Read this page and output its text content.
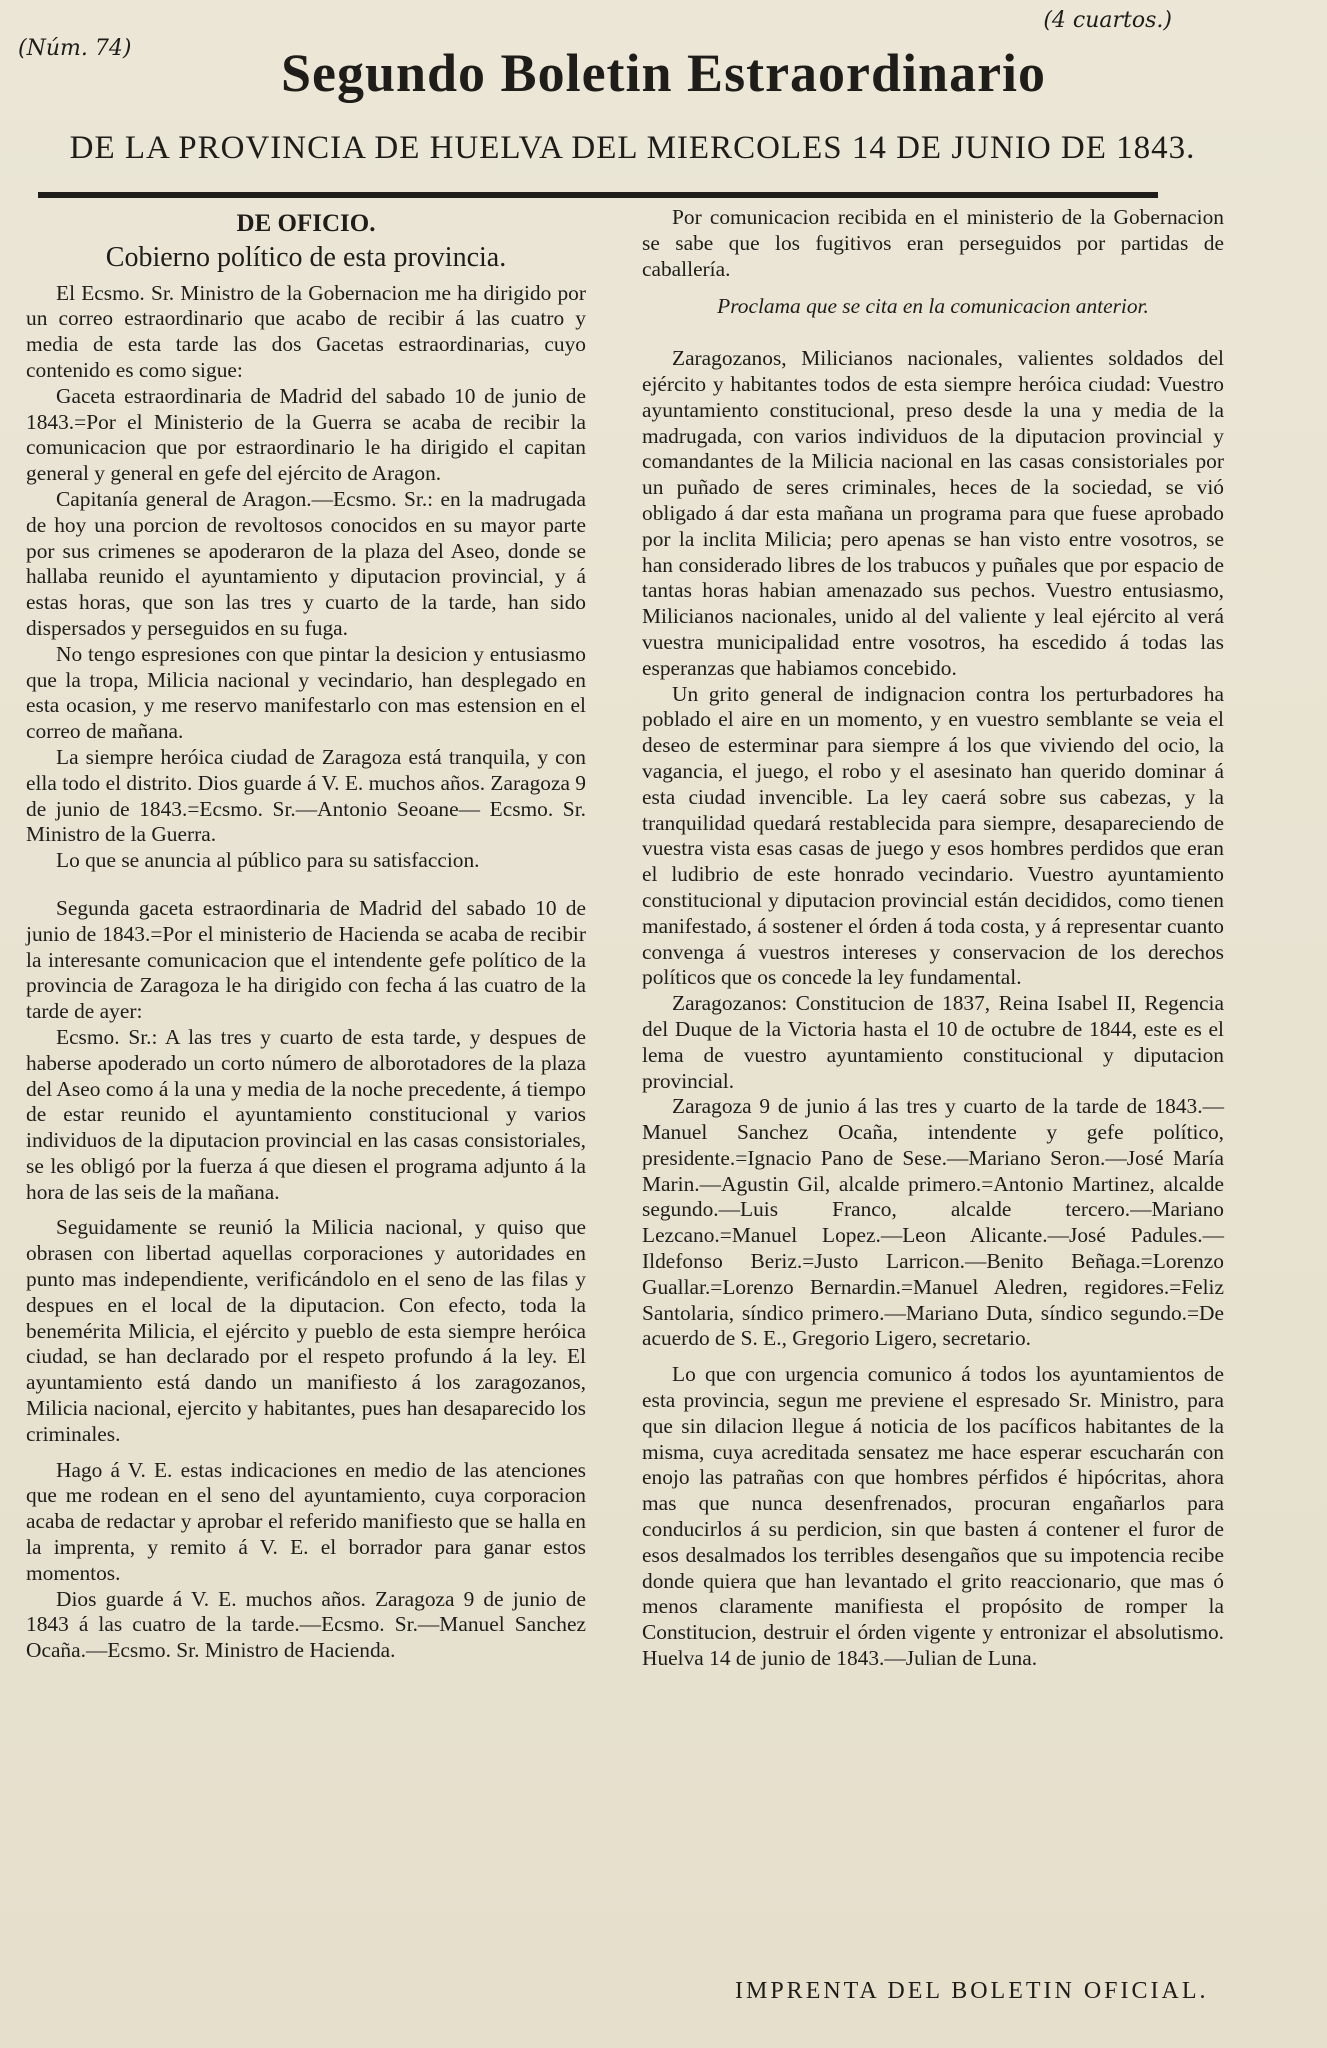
(Núm. 74)
(4 cuartos.)
Segundo Boletin Estraordinario
DE LA PROVINCIA DE HUELVA DEL MIERCOLES 14 DE JUNIO DE 1843.

DE OFICIO.

Cobierno político de esta provincia.

El Ecsmo. Sr. Ministro de la Gobernacion me ha dirigido por un correo estraordinario que acabo de recibir á las cuatro y media de esta tarde las dos Gacetas estraordinarias, cuyo contenido es como sigue:

Gaceta estraordinaria de Madrid del sabado 10 de junio de 1843.=Por el Ministerio de la Guerra se acaba de recibir la comunicacion que por estraordinario le ha dirigido el capitan general y general en gefe del ejército de Aragon.

Capitanía general de Aragon.—Ecsmo. Sr.: en la madrugada de hoy una porcion de revoltosos conocidos en su mayor parte por sus crimenes se apoderaron de la plaza del Aseo, donde se hallaba reunido el ayuntamiento y diputacion provincial, y á estas horas, que son las tres y cuarto de la tarde, han sido dispersados y perseguidos en su fuga.

No tengo espresiones con que pintar la desicion y entusiasmo que la tropa, Milicia nacional y vecindario, han desplegado en esta ocasion, y me reservo manifestarlo con mas estension en el correo de mañana.

La siempre heróica ciudad de Zaragoza está tranquila, y con ella todo el distrito. Dios guarde á V. E. muchos años. Zaragoza 9 de junio de 1843.=Ecsmo. Sr.—Antonio Seoane— Ecsmo. Sr. Ministro de la Guerra.

Lo que se anuncia al público para su satisfaccion.

Segunda gaceta estraordinaria de Madrid del sabado 10 de junio de 1843.=Por el ministerio de Hacienda se acaba de recibir la interesante comunicacion que el intendente gefe político de la provincia de Zaragoza le ha dirigido con fecha á las cuatro de la tarde de ayer:

Ecsmo. Sr.: A las tres y cuarto de esta tarde, y despues de haberse apoderado un corto número de alborotadores de la plaza del Aseo como á la una y media de la noche precedente, á tiempo de estar reunido el ayuntamiento constitucional y varios individuos de la diputacion provincial en las casas consistoriales, se les obligó por la fuerza á que diesen el programa adjunto á la hora de las seis de la mañana.

Seguidamente se reunió la Milicia nacional, y quiso que obrasen con libertad aquellas corporaciones y autoridades en punto mas independiente, verificándolo en el seno de las filas y despues en el local de la diputacion. Con efecto, toda la benemérita Milicia, el ejército y pueblo de esta siempre heróica ciudad, se han declarado por el respeto profundo á la ley. El ayuntamiento está dando un manifiesto á los zaragozanos, Milicia nacional, ejercito y habitantes, pues han desaparecido los criminales.

Hago á V. E. estas indicaciones en medio de las atenciones que me rodean en el seno del ayuntamiento, cuya corporacion acaba de redactar y aprobar el referido manifiesto que se halla en la imprenta, y remito á V. E. el borrador para ganar estos momentos.

Dios guarde á V. E. muchos años. Zaragoza 9 de junio de 1843 á las cuatro de la tarde.—Ecsmo. Sr.—Manuel Sanchez Ocaña.—Ecsmo. Sr. Ministro de Hacienda.

Por comunicacion recibida en el ministerio de la Gobernacion se sabe que los fugitivos eran perseguidos por partidas de caballería.

Proclama que se cita en la comunicacion anterior.

Zaragozanos, Milicianos nacionales, valientes soldados del ejército y habitantes todos de esta siempre heróica ciudad: Vuestro ayuntamiento constitucional, preso desde la una y media de la madrugada, con varios individuos de la diputacion provincial y comandantes de la Milicia nacional en las casas consistoriales por un puñado de seres criminales, heces de la sociedad, se vió obligado á dar esta mañana un programa para que fuese aprobado por la inclita Milicia; pero apenas se han visto entre vosotros, se han considerado libres de los trabucos y puñales que por espacio de tantas horas habian amenazado sus pechos. Vuestro entusiasmo, Milicianos nacionales, unido al del valiente y leal ejército al verá vuestra municipalidad entre vosotros, ha escedido á todas las esperanzas que habiamos concebido.

Un grito general de indignacion contra los perturbadores ha poblado el aire en un momento, y en vuestro semblante se veia el deseo de esterminar para siempre á los que viviendo del ocio, la vagancia, el juego, el robo y el asesinato han querido dominar á esta ciudad invencible. La ley caerá sobre sus cabezas, y la tranquilidad quedará restablecida para siempre, desapareciendo de vuestra vista esas casas de juego y esos hombres perdidos que eran el ludibrio de este honrado vecindario. Vuestro ayuntamiento constitucional y diputacion provincial están decididos, como tienen manifestado, á sostener el órden á toda costa, y á representar cuanto convenga á vuestros intereses y conservacion de los derechos políticos que os concede la ley fundamental.

Zaragozanos: Constitucion de 1837, Reina Isabel II, Regencia del Duque de la Victoria hasta el 10 de octubre de 1844, este es el lema de vuestro ayuntamiento constitucional y diputacion provincial.

Zaragoza 9 de junio á las tres y cuarto de la tarde de 1843.—Manuel Sanchez Ocaña, intendente y gefe político, presidente.=Ignacio Pano de Sese.—Mariano Seron.—José María Marin.—Agustin Gil, alcalde primero.=Antonio Martinez, alcalde segundo.—Luis Franco, alcalde tercero.—Mariano Lezcano.=Manuel Lopez.—Leon Alicante.—José Padules.—Ildefonso Beriz.=Justo Larricon.—Benito Beñaga.=Lorenzo Guallar.=Lorenzo Bernardin.=Manuel Aledren, regidores.=Feliz Santolaria, síndico primero.—Mariano Duta, síndico segundo.=De acuerdo de S. E., Gregorio Ligero, secretario.

Lo que con urgencia comunico á todos los ayuntamientos de esta provincia, segun me previene el espresado Sr. Ministro, para que sin dilacion llegue á noticia de los pacíficos habitantes de la misma, cuya acreditada sensatez me hace esperar escucharán con enojo las patrañas con que hombres pérfidos é hipócritas, ahora mas que nunca desenfrenados, procuran engañarlos para conducirlos á su perdicion, sin que basten á contener el furor de esos desalmados los terribles desengaños que su impotencia recibe donde quiera que han levantado el grito reaccionario, que mas ó menos claramente manifiesta el propósito de romper la Constitucion, destruir el órden vigente y entronizar el absolutismo. Huelva 14 de junio de 1843.—Julian de Luna.

IMPRENTA DEL BOLETIN OFICIAL.
